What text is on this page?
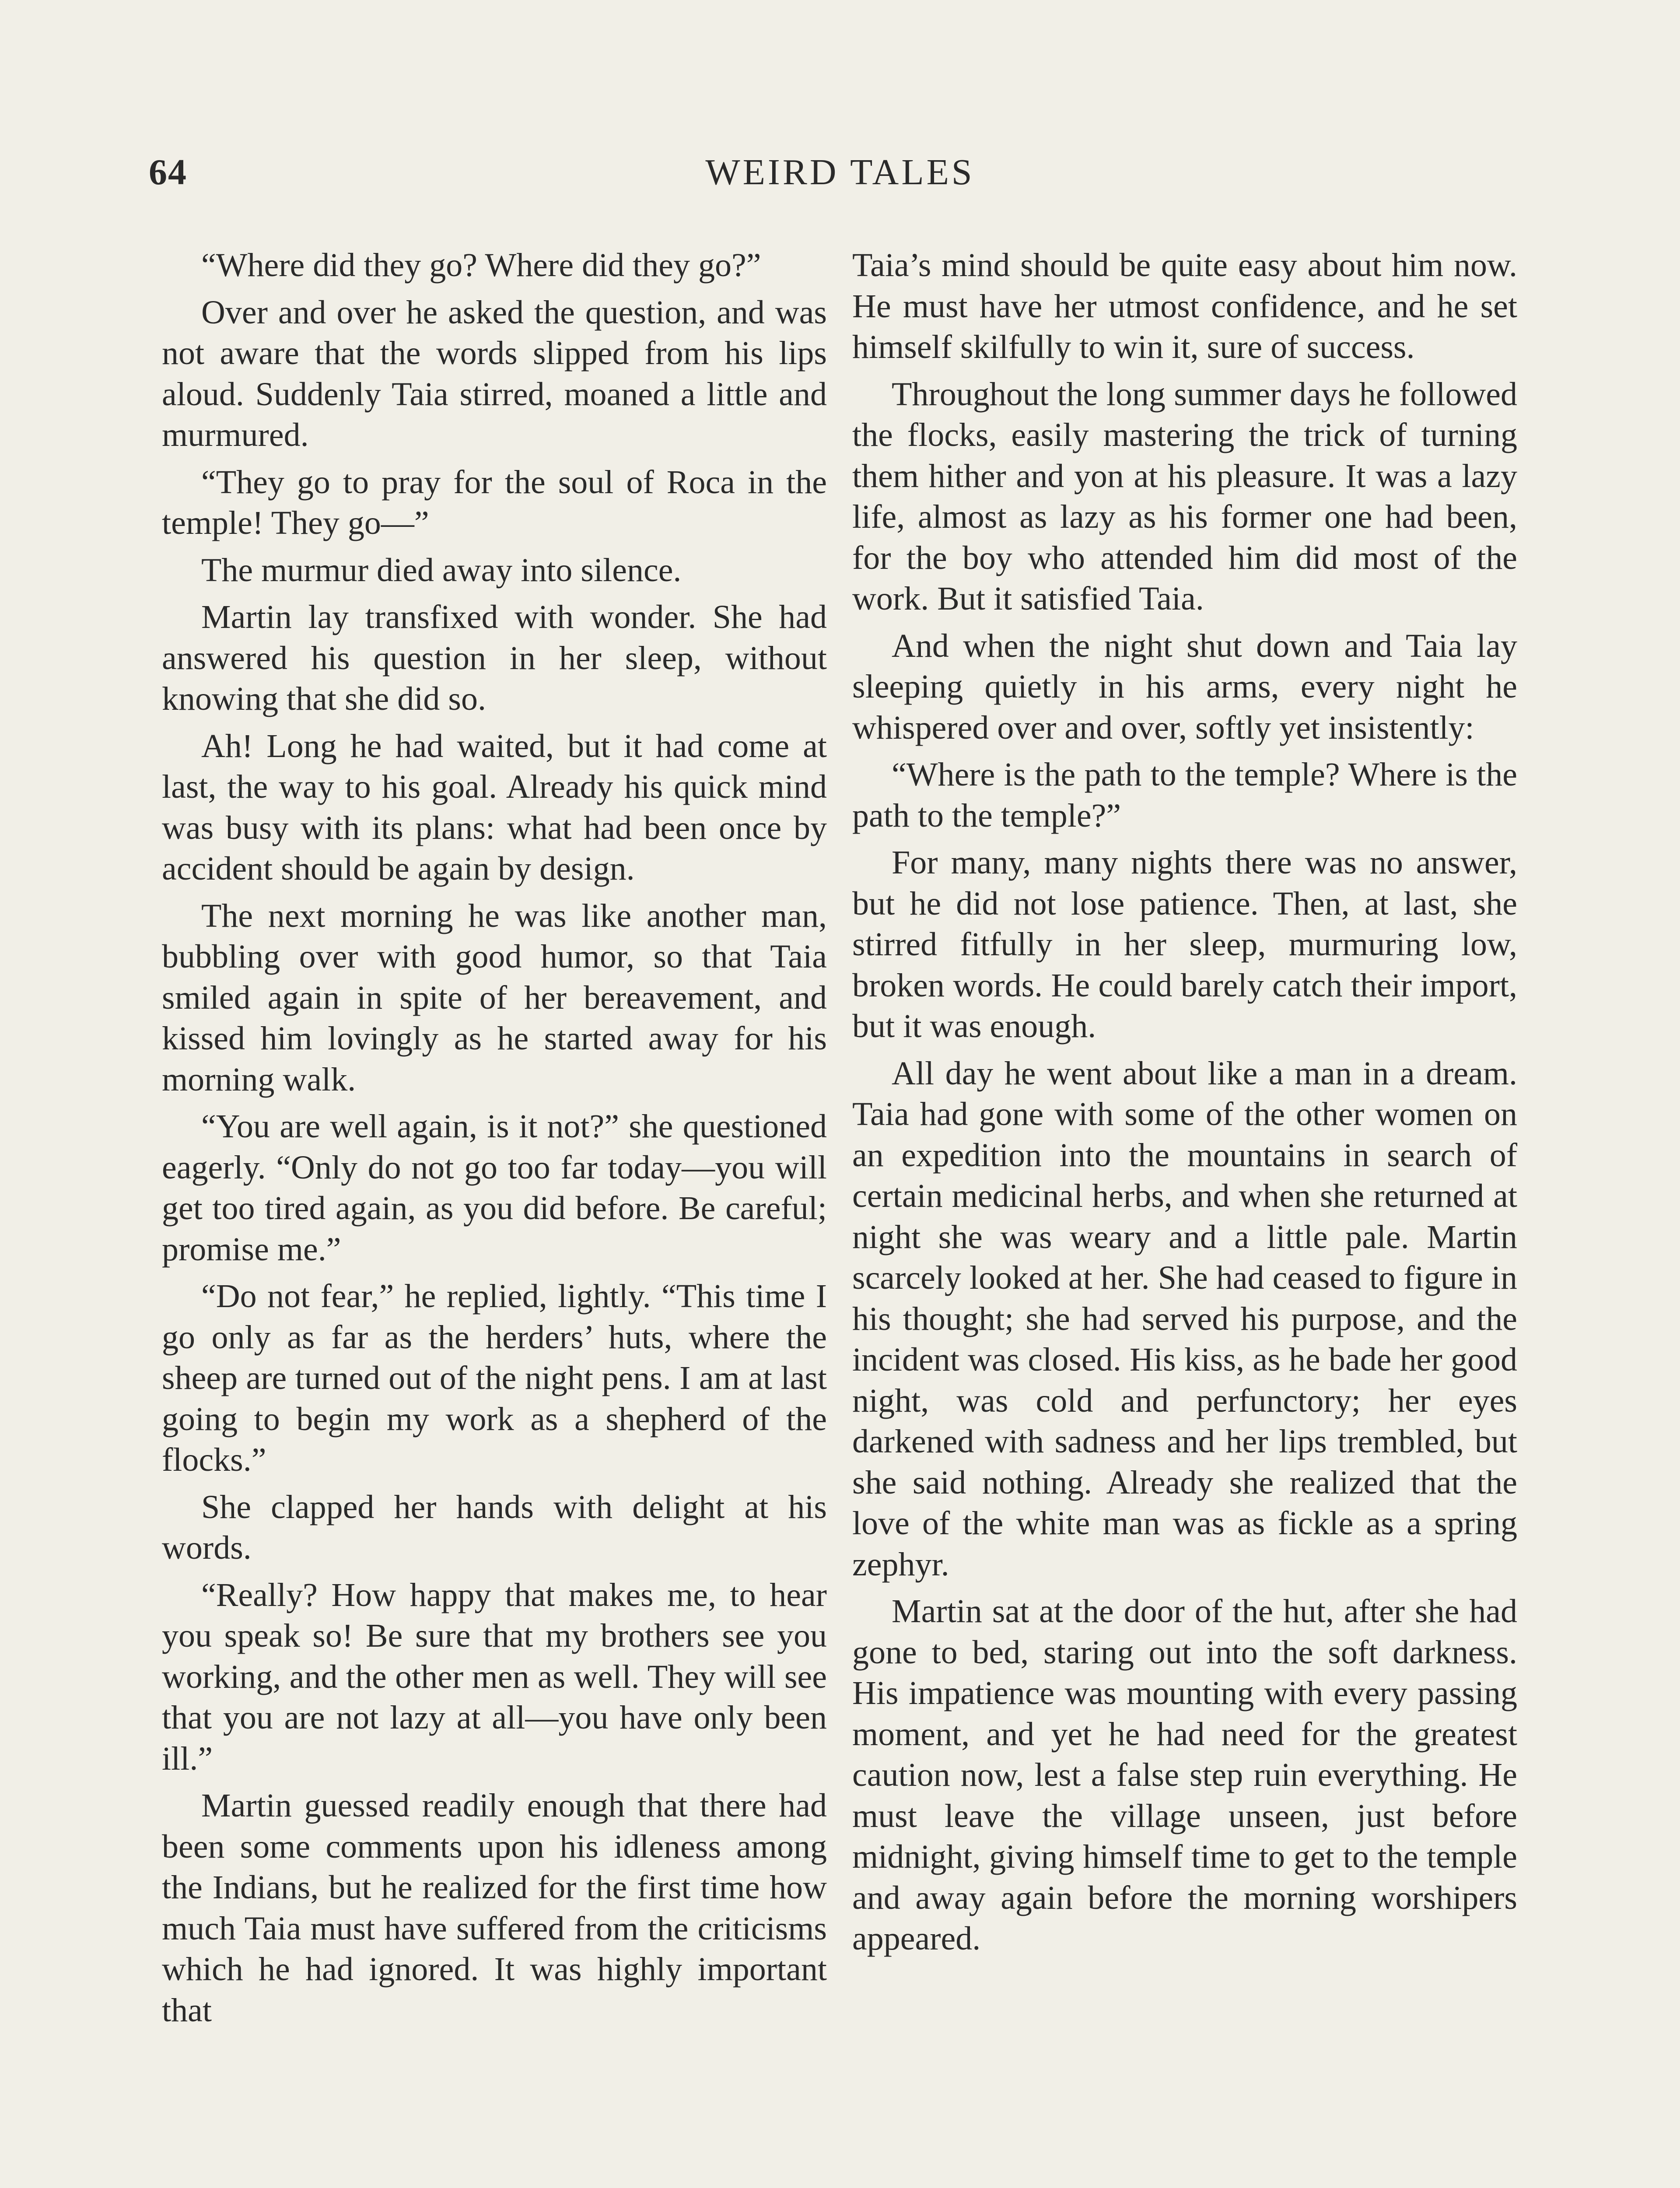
64	WEIRD TALES

“Where did they go? Where did they go?”

Over and over he asked the question, and was not aware that the words slipped from his lips aloud. Suddenly Taia stirred, moaned a little and murmured.

“They go to pray for the soul of Roca in the temple! They go—”

The murmur died away into silence.

Martin lay transfixed with wonder. She had answered his question in her sleep, without knowing that she did so.

Ah! Long he had waited, but it had come at last, the way to his goal. Already his quick mind was busy with its plans: what had been once by accident should be again by design.

The next morning he was like another man, bubbling over with good humor, so that Taia smiled again in spite of her bereavement, and kissed him lovingly as he started away for his morning walk.

“You are well again, is it not?” she questioned eagerly. “Only do not go too far today—you will get too tired again, as you did before. Be careful; promise me.”

“Do not fear,” he replied, lightly. “This time I go only as far as the herders’ huts, where the sheep are turned out of the night pens. I am at last going to begin my work as a shepherd of the flocks.”

She clapped her hands with delight at his words.

“Really? How happy that makes me, to hear you speak so! Be sure that my brothers see you working, and the other men as well. They will see that you are not lazy at all—you have only been ill.”

Martin guessed readily enough that there had been some comments upon his idleness among the Indians, but he realized for the first time how much Taia must have suffered from the criticisms which he had ignored. It was highly important that

Taia’s mind should be quite easy about him now. He must have her utmost confidence, and he set himself skilfully to win it, sure of success.

Throughout the long summer days he followed the flocks, easily mastering the trick of turning them hither and yon at his pleasure. It was a lazy life, almost as lazy as his former one had been, for the boy who attended him did most of the work. But it satisfied Taia.

And when the night shut down and Taia lay sleeping quietly in his arms, every night he whispered over and over, softly yet insistently:

“Where is the path to the temple? Where is the path to the temple?”

For many, many nights there was no answer, but he did not lose patience. Then, at last, she stirred fitfully in her sleep, murmuring low, broken words. He could barely catch their import, but it was enough.

All day he went about like a man in a dream. Taia had gone with some of the other women on an expedition into the mountains in search of certain medicinal herbs, and when she returned at night she was weary and a little pale. Martin scarcely looked at her. She had ceased to figure in his thought; she had served his purpose, and the incident was closed. His kiss, as he bade her good night, was cold and perfunctory; her eyes darkened with sadness and her lips trembled, but she said nothing. Already she realized that the love of the white man was as fickle as a spring zephyr.

Martin sat at the door of the hut, after she had gone to bed, staring out into the soft darkness. His impatience was mounting with every passing moment, and yet he had need for the greatest caution now, lest a false step ruin everything. He must leave the village unseen, just before midnight, giving himself time to get to the temple and away again before the morning worshipers appeared.
